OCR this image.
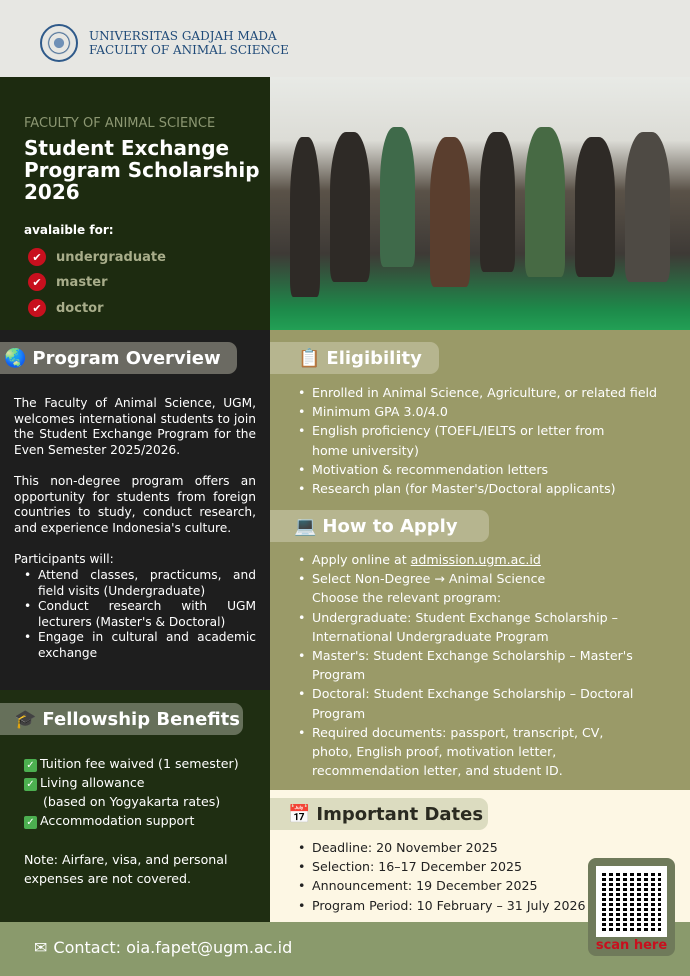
UNIVERSITAS GADJAH MADA
FACULTY OF ANIMAL SCIENCE
FACULTY OF ANIMAL SCIENCE
Student Exchange Program Scholarship 2026
avalaible for:
✔	undergraduate
✔	master
✔	doctor
🌏 Program Overview
The Faculty of Animal Science, UGM, welcomes international students to join the Student Exchange Program for the Even Semester 2025/2026.
This non-degree program offers an opportunity for students from foreign countries to study, conduct research, and experience Indonesia's culture.
Participants will:
• Attend classes, practicums, and field visits (Undergraduate)
• Conduct research with UGM lecturers (Master's & Doctoral)
• Engage in cultural and academic exchange
🎓 Fellowship Benefits
✓ Tuition fee waived (1 semester)
✓ Living allowance
(based on Yogyakarta rates)
✓ Accommodation support
Note: Airfare, visa, and personal expenses are not covered.
📋 Eligibility
• Enrolled in Animal Science, Agriculture, or related field
• Minimum GPA 3.0/4.0
• English proficiency (TOEFL/IELTS or letter from home university)
• Motivation & recommendation letters
• Research plan (for Master's/Doctoral applicants)
💻 How to Apply
• Apply online at admission.ugm.ac.id
• Select Non-Degree → Animal Science
Choose the relevant program:
• Undergraduate: Student Exchange Scholarship – International Undergraduate Program
• Master's: Student Exchange Scholarship – Master's Program
• Doctoral: Student Exchange Scholarship – Doctoral Program
• Required documents: passport, transcript, CV, photo, English proof, motivation letter, recommendation letter, and student ID.
📅 Important Dates
• Deadline: 20 November 2025
• Selection: 16–17 December 2025
• Announcement: 19 December 2025
• Program Period: 10 February – 31 July 2026
✉ Contact: oia.fapet@ugm.ac.id	scan here
